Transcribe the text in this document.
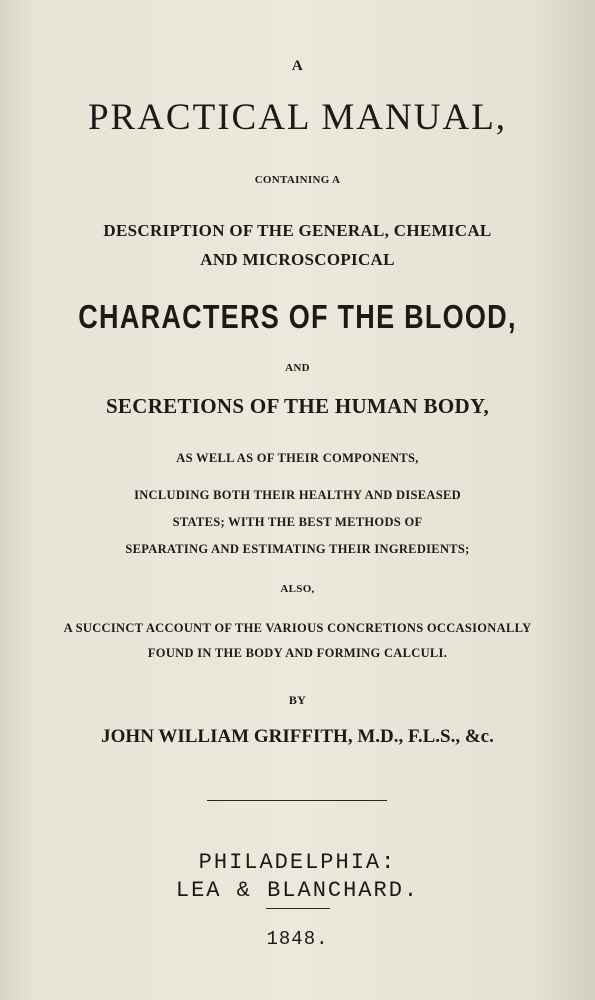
A

PRACTICAL MANUAL,

CONTAINING A

DESCRIPTION OF THE GENERAL, CHEMICAL

AND MICROSCOPICAL

CHARACTERS OF THE BLOOD,

AND

SECRETIONS OF THE HUMAN BODY,

AS WELL AS OF THEIR COMPONENTS,

INCLUDING BOTH THEIR HEALTHY AND DISEASED

STATES; WITH THE BEST METHODS OF

SEPARATING AND ESTIMATING THEIR INGREDIENTS;

ALSO,

A SUCCINCT ACCOUNT OF THE VARIOUS CONCRETIONS OCCASIONALLY

FOUND IN THE BODY AND FORMING CALCULI.

BY

JOHN WILLIAM GRIFFITH, M.D., F.L.S., &c.

PHILADELPHIA:

LEA & BLANCHARD.

1848.
